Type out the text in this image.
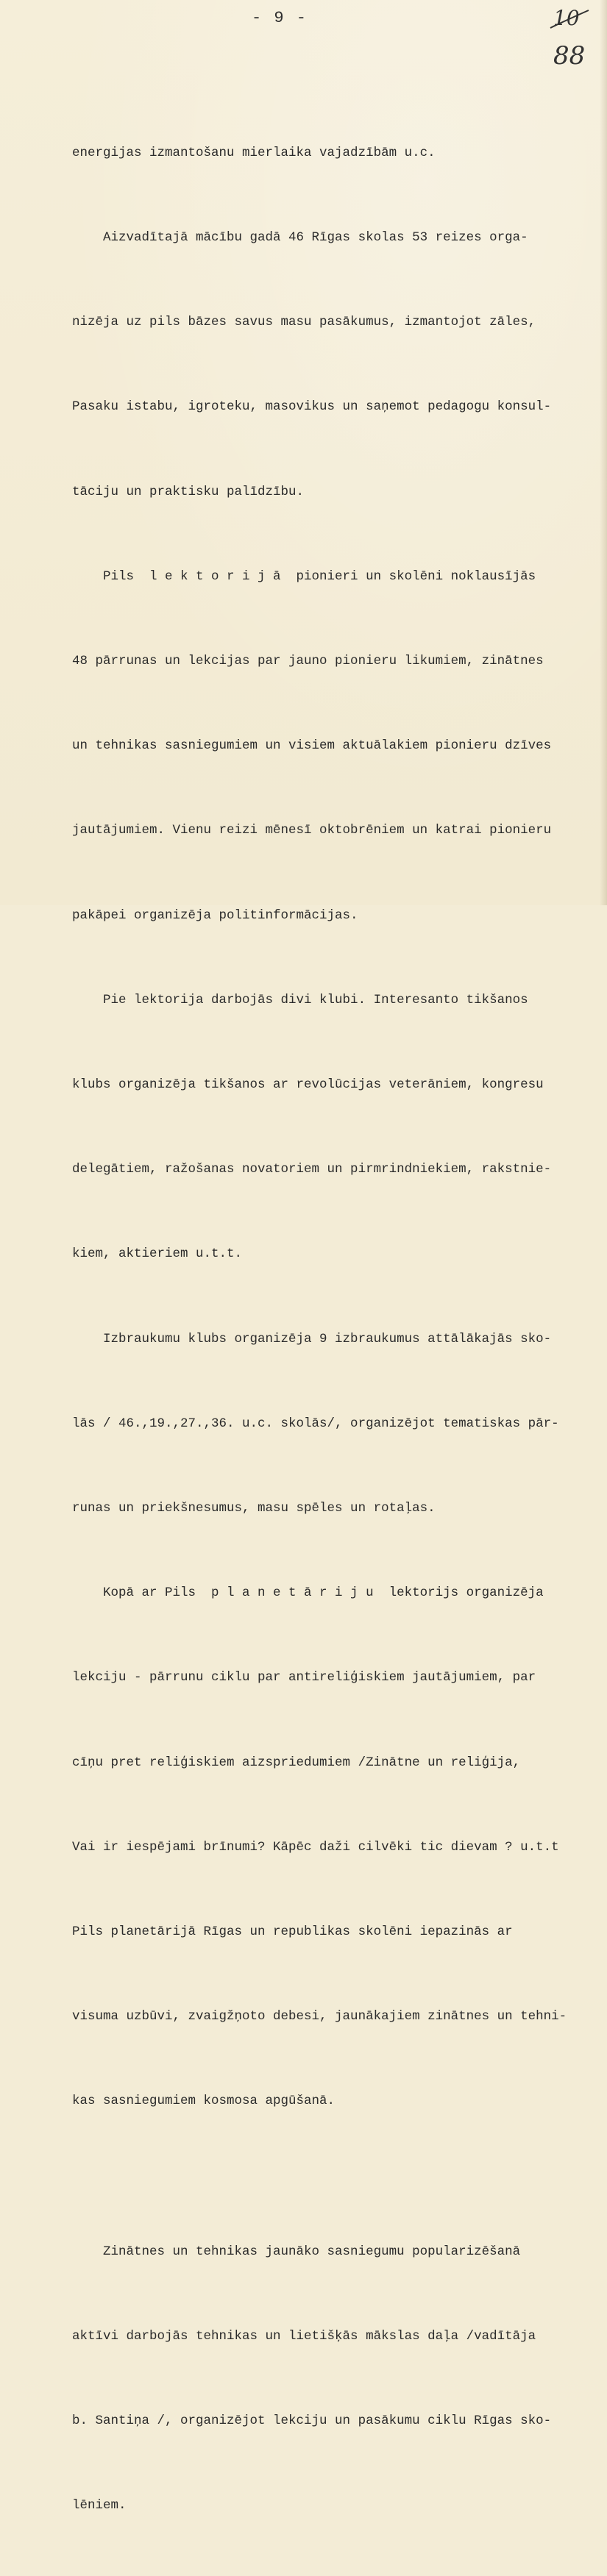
- 9 -	10
88

energijas izmantošanu mierlaika vajadzībām u.c.

Aizvadītajā mācību gadā 46 Rīgas skolas 53 reizes orga-

nizēja uz pils bāzes savus masu pasākumus, izmantojot zāles,

Pasaku istabu, igroteku, masovikus un saņemot pedagogu konsul-

tāciju un praktisku palīdzību.

Pils  l e k t o r i j ā  pionieri un skolēni noklausījās

48 pārrunas un lekcijas par jauno pionieru likumiem, zinātnes

un tehnikas sasniegumiem un visiem aktuālakiem pionieru dzīves

jautājumiem. Vienu reizi mēnesī oktobrēniem un katrai pionieru

pakāpei organizēja politinformācijas.

Pie lektorija darbojās divi klubi. Interesanto tikšanos

klubs organizēja tikšanos ar revolūcijas veterāniem, kongresu

delegātiem, ražošanas novatoriem un pirmrindniekiem, rakstnie-

kiem, aktieriem u.t.t.

Izbraukumu klubs organizēja 9 izbraukumus attālākajās sko-

lās / 46.,19.,27.,36. u.c. skolās/, organizējot tematiskas pār-

runas un priekšnesumus, masu spēles un rotaļas.

Kopā ar Pils  p l a n e t ā r i j u  lektorijs organizēja

lekciju - pārrunu ciklu par antireliģiskiem jautājumiem, par

cīņu pret reliģiskiem aizspriedumiem /Zinātne un reliģija,

Vai ir iespējami brīnumi? Kāpēc daži cilvēki tic dievam ? u.t.t

Pils planetārijā Rīgas un republikas skolēni iepazinās ar

visuma uzbūvi, zvaigžņoto debesi, jaunākajiem zinātnes un tehni-

kas sasniegumiem kosmosa apgūšanā.

Zinātnes un tehnikas jaunāko sasniegumu popularizēšanā

aktīvi darbojās tehnikas un lietišķās mākslas daļa /vadītāja

b. Santiņa /, organizējot lekciju un pasākumu ciklu Rīgas sko-

lēniem.
